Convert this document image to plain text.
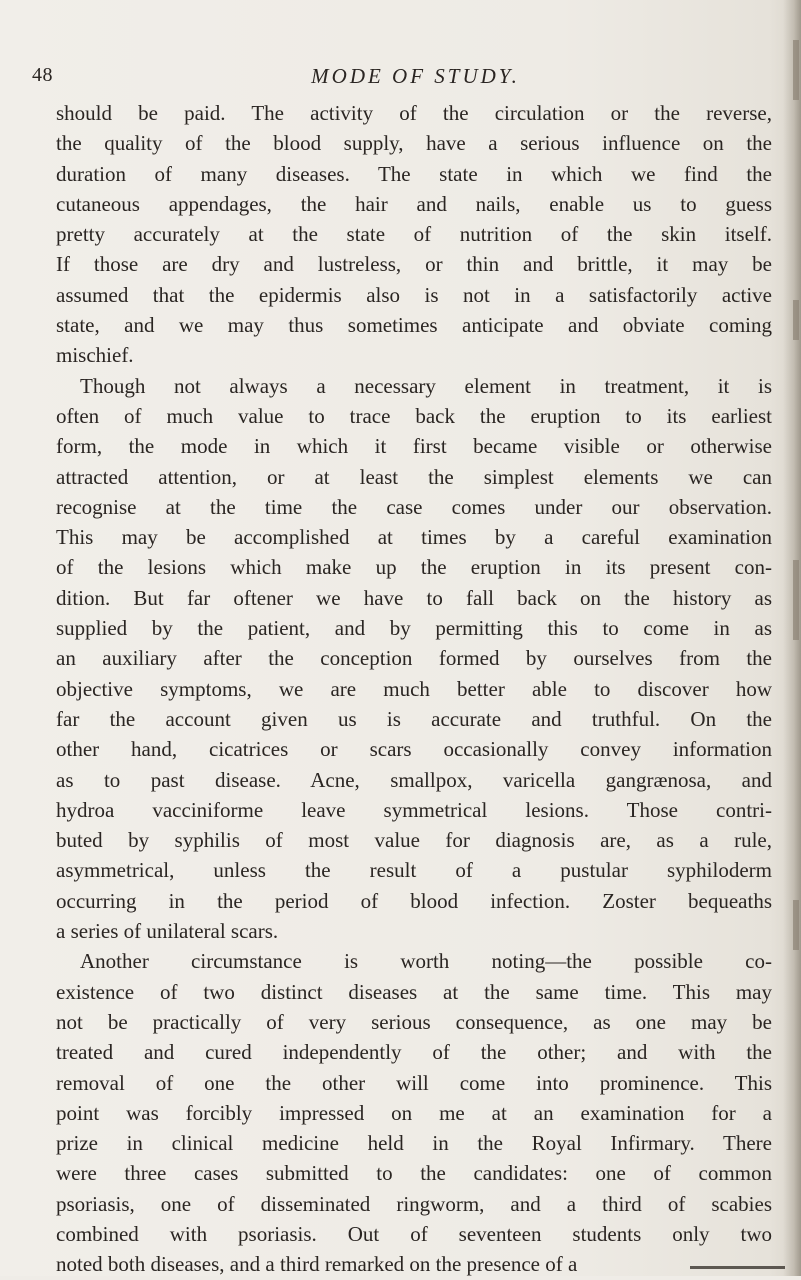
48	MODE OF STUDY.
should be paid. The activity of the circulation or the reverse,
the quality of the blood supply, have a serious influence on the
duration of many diseases. The state in which we find the
cutaneous appendages, the hair and nails, enable us to guess
pretty accurately at the state of nutrition of the skin itself.
If those are dry and lustreless, or thin and brittle, it may be
assumed that the epidermis also is not in a satisfactorily active
state, and we may thus sometimes anticipate and obviate coming
mischief.
Though not always a necessary element in treatment, it is
often of much value to trace back the eruption to its earliest
form, the mode in which it first became visible or otherwise
attracted attention, or at least the simplest elements we can
recognise at the time the case comes under our observation.
This may be accomplished at times by a careful examination
of the lesions which make up the eruption in its present con-
dition. But far oftener we have to fall back on the history as
supplied by the patient, and by permitting this to come in as
an auxiliary after the conception formed by ourselves from the
objective symptoms, we are much better able to discover how
far the account given us is accurate and truthful. On the
other hand, cicatrices or scars occasionally convey information
as to past disease. Acne, smallpox, varicella gangrænosa, and
hydroa vacciniforme leave symmetrical lesions. Those contri-
buted by syphilis of most value for diagnosis are, as a rule,
asymmetrical, unless the result of a pustular syphiloderm
occurring in the period of blood infection. Zoster bequeaths
a series of unilateral scars.
Another circumstance is worth noting—the possible co-
existence of two distinct diseases at the same time. This may
not be practically of very serious consequence, as one may be
treated and cured independently of the other; and with the
removal of one the other will come into prominence. This
point was forcibly impressed on me at an examination for a
prize in clinical medicine held in the Royal Infirmary. There
were three cases submitted to the candidates: one of common
psoriasis, one of disseminated ringworm, and a third of scabies
combined with psoriasis. Out of seventeen students only two
noted both diseases, and a third remarked on the presence of a
